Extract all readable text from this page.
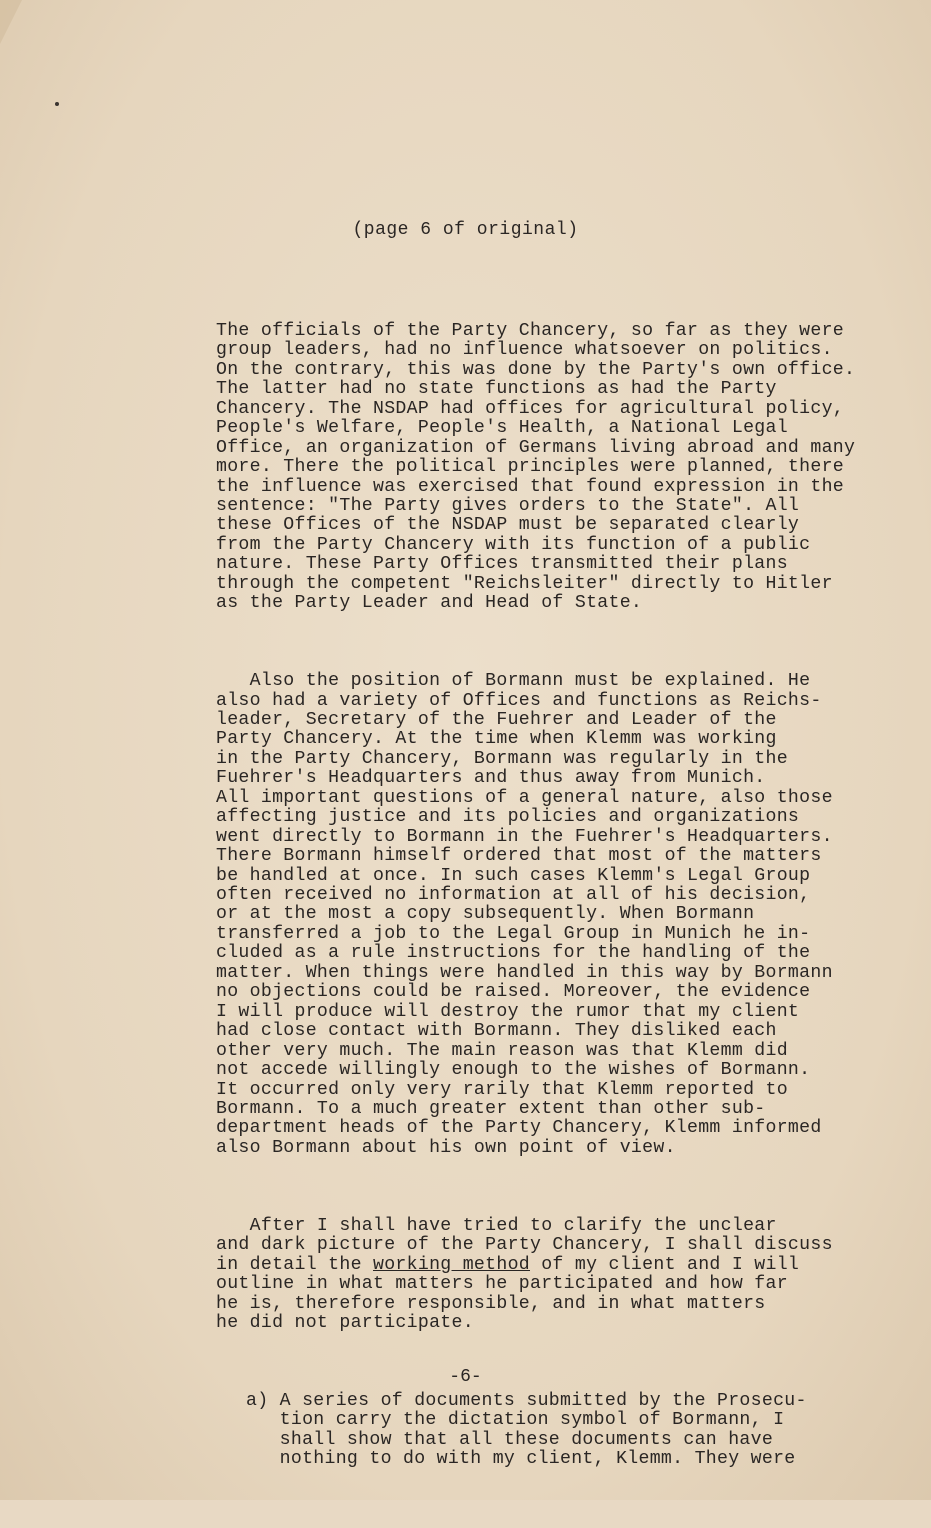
(page 6 of original)

The officials of the Party Chancery, so far as they were
group leaders, had no influence whatsoever on politics.
On the contrary, this was done by the Party's own office.
The latter had no state functions as had the Party
Chancery. The NSDAP had offices for agricultural policy,
People's Welfare, People's Health, a National Legal
Office, an organization of Germans living abroad and many
more. There the political principles were planned, there
the influence was exercised that found expression in the
sentence: "The Party gives orders to the State". All
these Offices of the NSDAP must be separated clearly
from the Party Chancery with its function of a public
nature. These Party Offices transmitted their plans
through the competent "Reichsleiter" directly to Hitler
as the Party Leader and Head of State.

Also the position of Bormann must be explained. He
also had a variety of Offices and functions as Reichs-
leader, Secretary of the Fuehrer and Leader of the
Party Chancery. At the time when Klemm was working
in the Party Chancery, Bormann was regularly in the
Fuehrer's Headquarters and thus away from Munich.
All important questions of a general nature, also those
affecting justice and its policies and organizations
went directly to Bormann in the Fuehrer's Headquarters.
There Bormann himself ordered that most of the matters
be handled at once. In such cases Klemm's Legal Group
often received no information at all of his decision,
or at the most a copy subsequently. When Bormann
transferred a job to the Legal Group in Munich he in-
cluded as a rule instructions for the handling of the
matter. When things were handled in this way by Bormann
no objections could be raised. Moreover, the evidence
I will produce will destroy the rumor that my client
had close contact with Bormann. They disliked each
other very much. The main reason was that Klemm did
not accede willingly enough to the wishes of Bormann.
It occurred only very rarily that Klemm reported to
Bormann. To a much greater extent than other sub-
department heads of the Party Chancery, Klemm informed
also Bormann about his own point of view.

After I shall have tried to clarify the unclear
and dark picture of the Party Chancery, I shall discuss
in detail the working method of my client and I will
outline in what matters he participated and how far
he is, therefore responsible, and in what matters
he did not participate.

a) A series of documents submitted by the Prosecu-
tion carry the dictation symbol of Bormann, I
shall show that all these documents can have
nothing to do with my client, Klemm. They were

-6-
